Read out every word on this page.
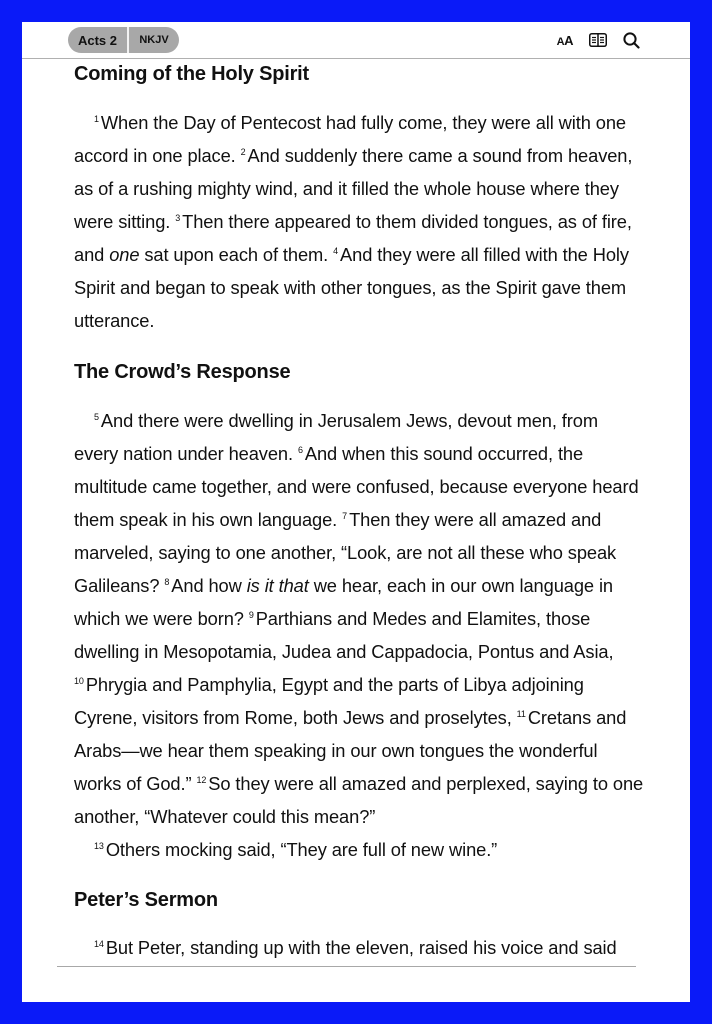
Acts 2	NKJV	AA
Coming of the Holy Spirit
$^1$ When the Day of Pentecost had fully come, they were all with one accord in one place. $^2$ And suddenly there came a sound from heaven, as of a rushing mighty wind, and it filled the whole house where they were sitting. $^3$ Then there appeared to them divided tongues, as of fire, and one sat upon each of them. $^4$ And they were all filled with the Holy Spirit and began to speak with other tongues, as the Spirit gave them utterance.
The Crowd’s Response
$^5$ And there were dwelling in Jerusalem Jews, devout men, from every nation under heaven. $^6$ And when this sound occurred, the multitude came together, and were confused, because everyone heard them speak in his own language. $^7$ Then they were all amazed and marveled, saying to one another, “Look, are not all these who speak Galileans? $^8$ And how is it that we hear, each in our own language in which we were born? $^9$ Parthians and Medes and Elamites, those dwelling in Mesopotamia, Judea and Cappadocia, Pontus and Asia, $^{10}$ Phrygia and Pamphylia, Egypt and the parts of Libya adjoining Cyrene, visitors from Rome, both Jews and proselytes, $^{11}$ Cretans and Arabs—we hear them speaking in our own tongues the wonderful works of God.” $^{12}$ So they were all amazed and perplexed, saying to one another, “Whatever could this mean?”
$^{13}$ Others mocking said, “They are full of new wine.”
Peter’s Sermon
$^{14}$ But Peter, standing up with the eleven, raised his voice and said
